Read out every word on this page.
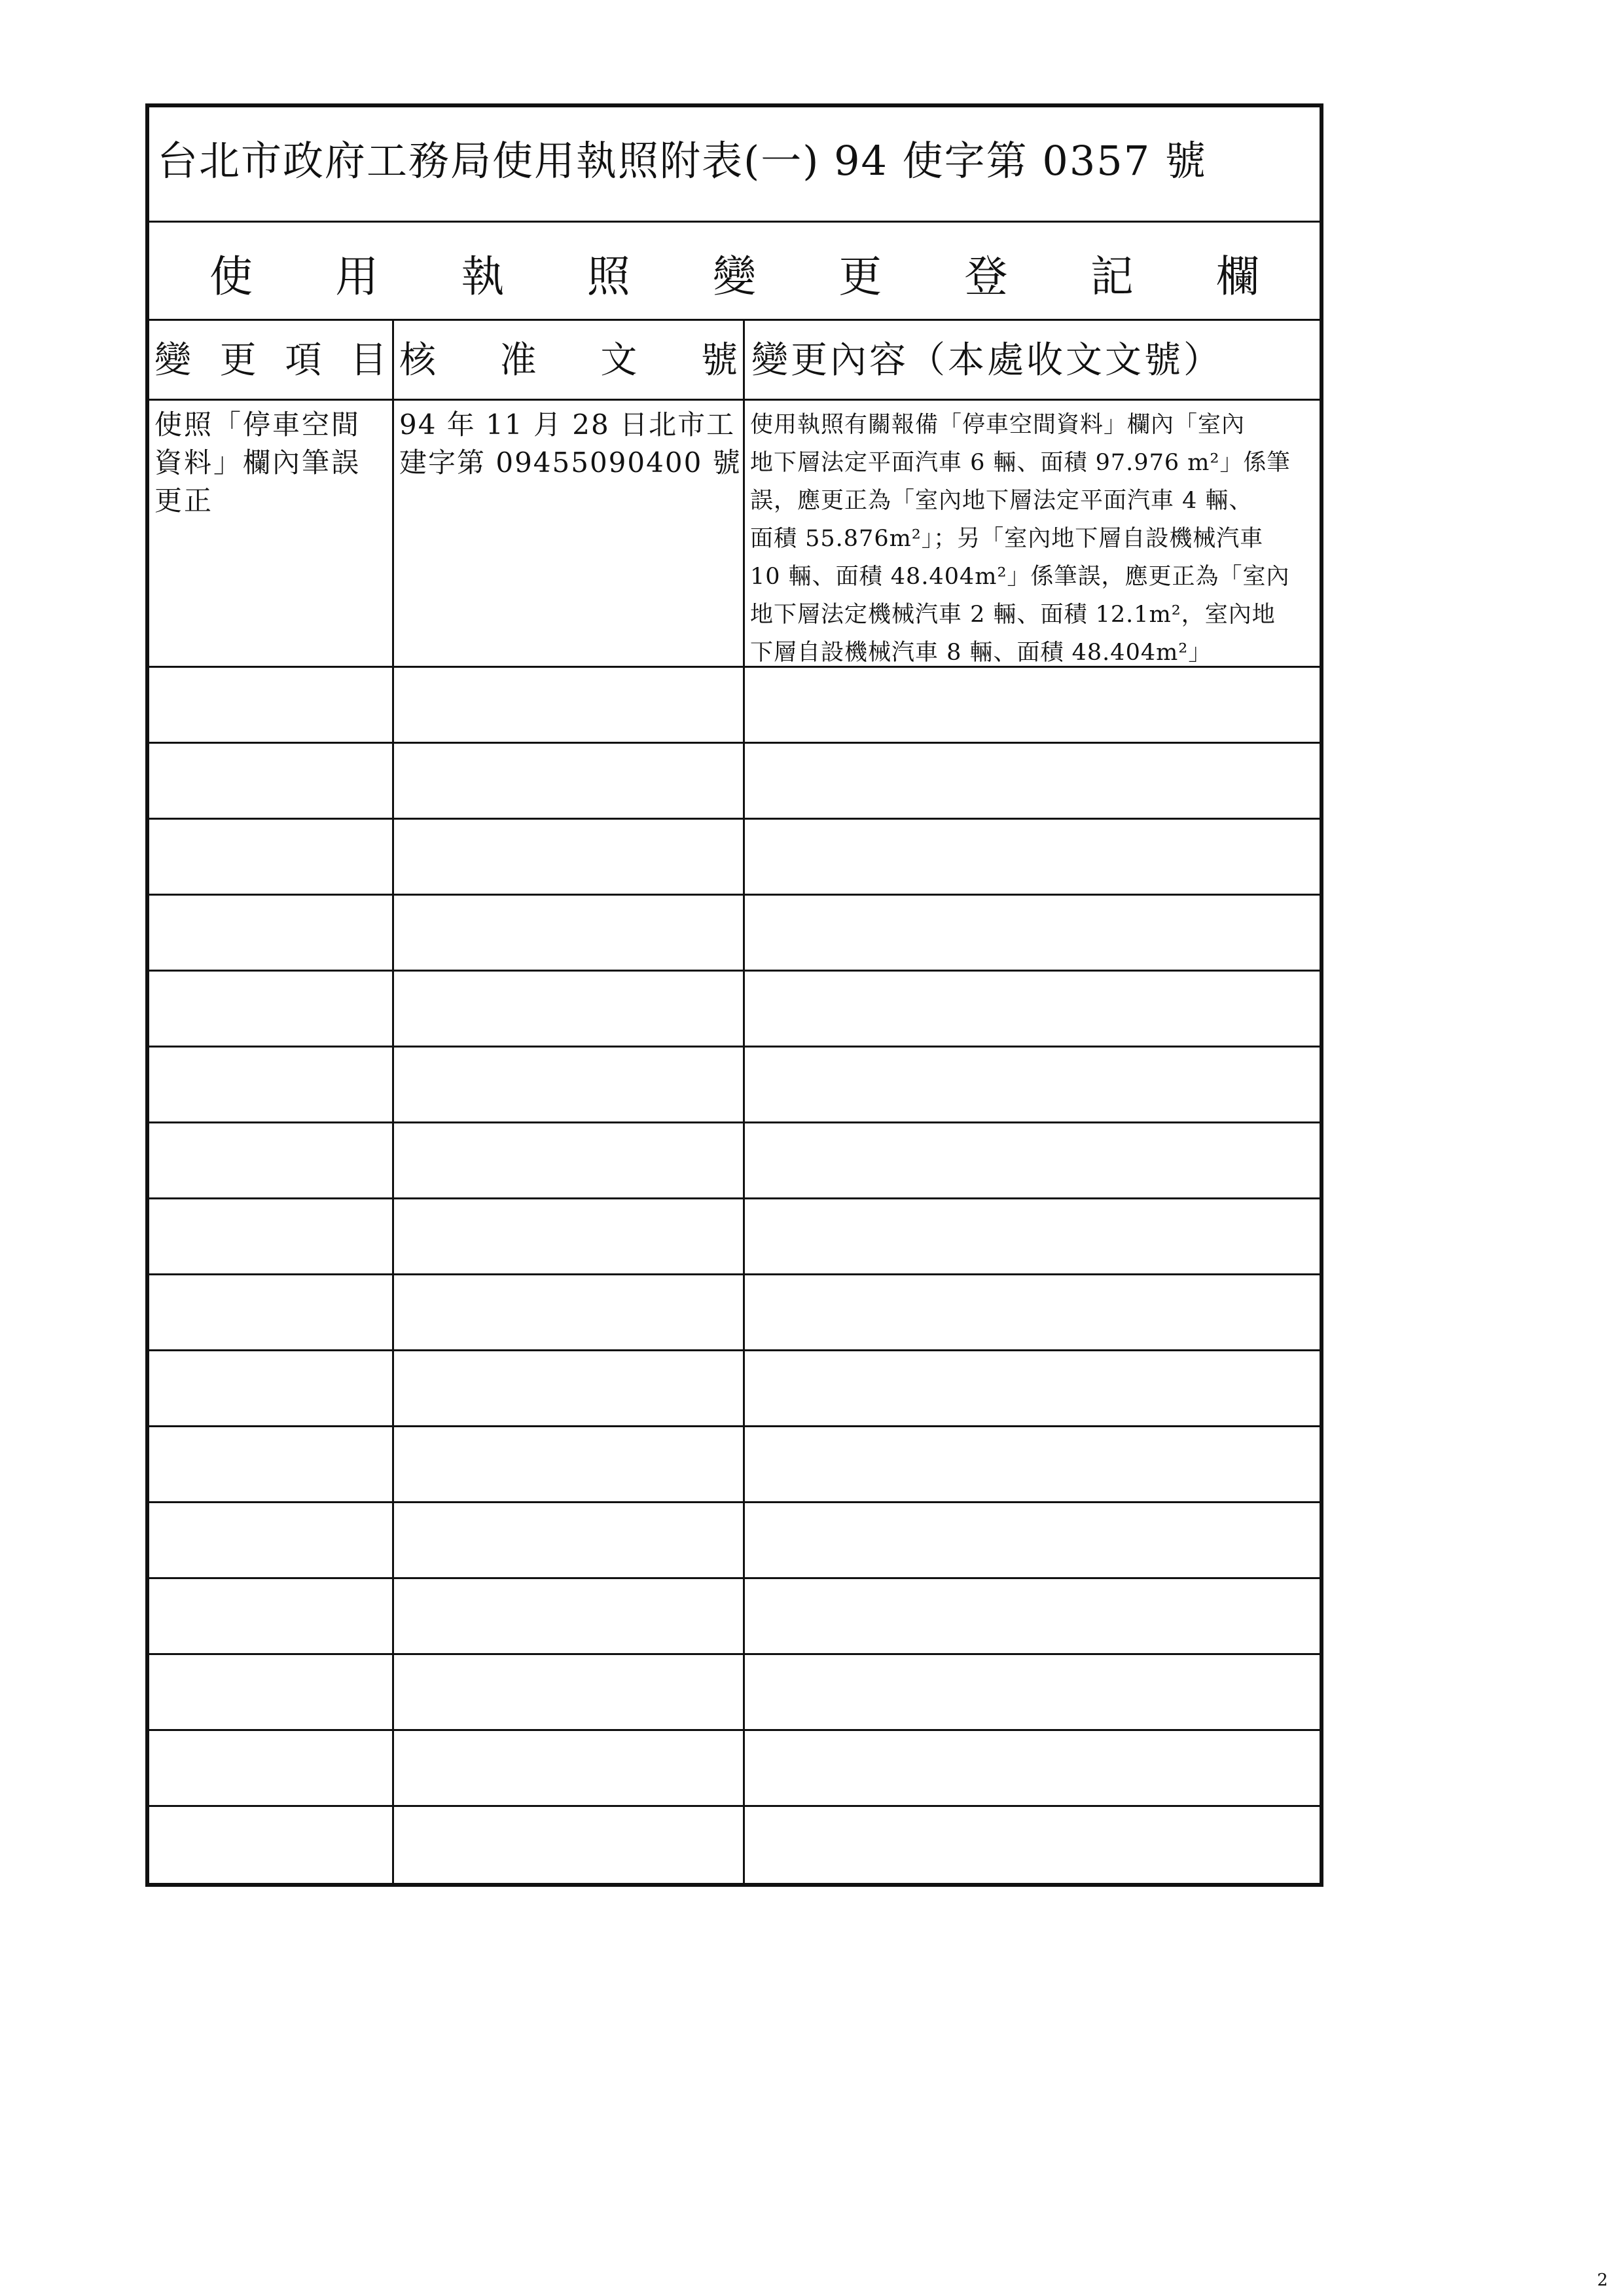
台北市政府工務局使用執照附表(一) 94 使字第 0357 號
使 用 執 照 變 更 登 記 欄
變 更 項 目 核 准 文 號 變更內容（本處收文文號）
使照「停車空間
資料」欄內筆誤
更正
94 年 11 月 28 日北市工
建字第 09455090400 號
使用執照有關報備「停車空間資料」欄內「室內
地下層法定平面汽車 6 輛、面積 97.976 m²」係筆
誤，應更正為「室內地下層法定平面汽車 4 輛、
面積 55.876m²」；另「室內地下層自設機械汽車
10 輛、面積 48.404m²」係筆誤，應更正為「室內
地下層法定機械汽車 2 輛、面積 12.1m²，室內地
下層自設機械汽車 8 輛、面積 48.404m²」
2
